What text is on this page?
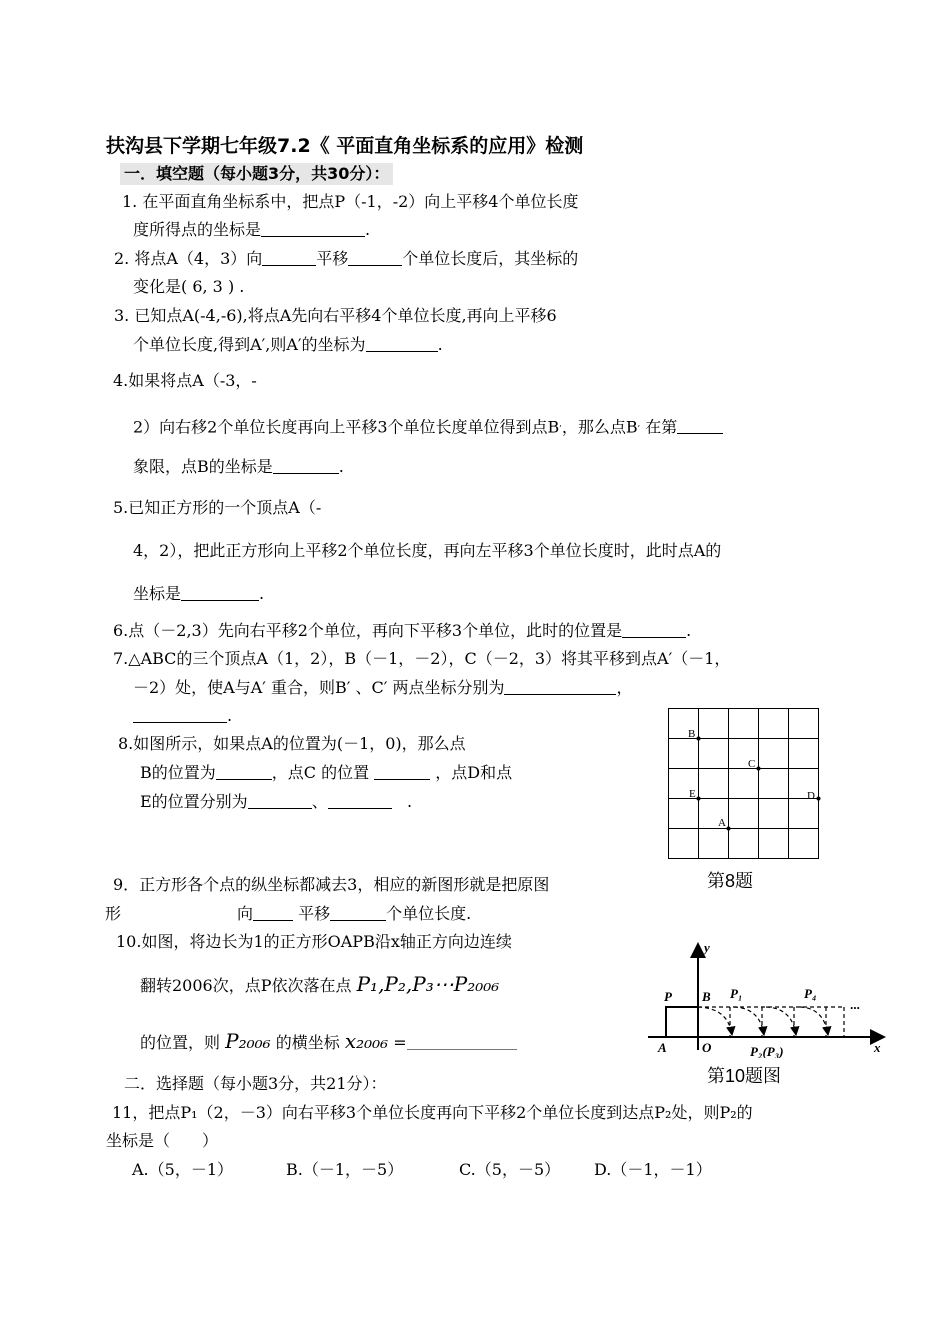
扶沟县下学期七年级7.2《 平面直角坐标系的应用》检测
一．填空题（每小题3分，共30分）：
1. 在平面直角坐标系中，把点P（-1，-2）向上平移4个单位长度
度所得点的坐标是	.
2. 将点A（4，3）向	平移	个单位长度后，其坐标的
变化是( 6, 3 ) .
3. 已知点A(-4,-6),将点A先向右平移4个单位长度,再向上平移6
个单位长度,得到A′,则A′的坐标为	.
4.如果将点A（-3，-
2）向右移2个单位长度再向上平移3个单位长度单位得到点B,，那么点B, 在第
象限，点B的坐标是	.
5.已知正方形的一个顶点A（-
4，2），把此正方形向上平移2个单位长度，再向左平移3个单位长度时，此时点A的
坐标是	.
6.点（－2,3）先向右平移2个单位，再向下平移3个单位，此时的位置是	.
7.△ABC的三个顶点A（1，2），B（－1，－2），C（－2，3）将其平移到点A′（－1，
－2）处，使A与A′ 重合，则B′ 、C′ 两点坐标分别为	，
.
8.如图所示，如果点A的位置为(－1，0)，那么点
B的位置为	，点C 的位置	，点D和点
E的位置分别为	、	.
B
C
E	D
A
第8题
9．正方形各个点的纵坐标都减去3，相应的新图形就是把原图
形	向	平移	个单位长度.
10.如图，将边长为1的正方形OAPB沿x轴正方向边连续
翻转2006次，点P依次落在点 P₁,P₂,P₃⋯P₂₀₀₆
的位置，则 P₂₀₀₆ 的横坐标 x₂₀₀₆ =
P B P₁	P₄
A	O	P₂(P₃)	x
y
···
第10题图
二．选择题（每小题3分，共21分）：
11，把点P₁（2，－3）向右平移3个单位长度再向下平移2个单位长度到达点P₂处，则P₂的
坐标是（　　）
A.（5，－1）	B.（－1，－5）	C.（5，－5） D.（－1，－1）
